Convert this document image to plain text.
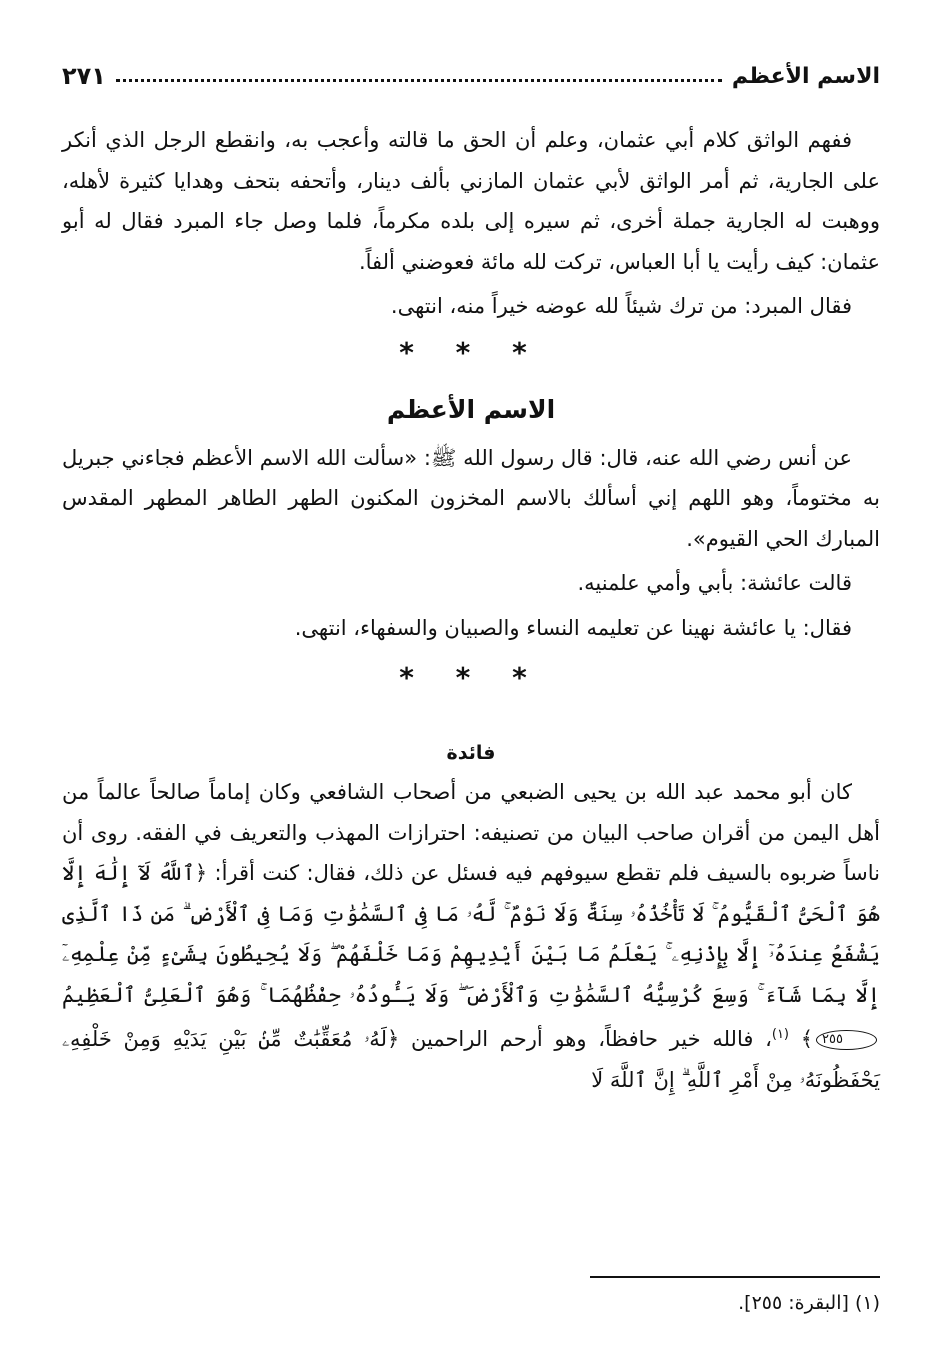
الاسم الأعظم
٢٧١

ففهم الواثق كلام أبي عثمان، وعلم أن الحق ما قالته وأعجب به، وانقطع الرجل الذي أنكر على الجارية، ثم أمر الواثق لأبي عثمان المازني بألف دينار، وأتحفه بتحف وهدايا كثيرة لأهله، ووهبت له الجارية جملة أخرى، ثم سيره إلى بلده مكرماً، فلما وصل جاء المبرد فقال له أبو عثمان: كيف رأيت يا أبا العباس، تركت لله مائة فعوضني ألفاً.

فقال المبرد: من ترك شيئاً لله عوضه خيراً منه، انتهى.

* * *
الاسم الأعظم

عن أنس رضي الله عنه، قال: قال رسول الله ﷺ: «سألت الله الاسم الأعظم فجاءني جبريل به مختوماً، وهو اللهم إني أسألك بالاسم المخزون المكنون الطهر الطاهر المطهر المقدس المبارك الحي القيوم».

قالت عائشة: بأبي وأمي علمنيه.

فقال: يا عائشة نهينا عن تعليمه النساء والصبيان والسفهاء، انتهى.

* * *
فائدة

كان أبو محمد عبد الله بن يحيى الضبعي من أصحاب الشافعي وكان إماماً صالحاً عالماً من أهل اليمن من أقران صاحب البيان من تصنيفه: احترازات المهذب والتعريف في الفقه. روى أن ناساً ضربوه بالسيف فلم تقطع سيوفهم فيه فسئل عن ذلك، فقال: كنت أقرأ: ﴿ٱللَّهُ لَآ إِلَٰهَ إِلَّا هُوَ ٱلْحَىُّ ٱلْقَيُّومُ ۚ لَا تَأْخُذُهُۥ سِنَةٌ وَلَا نَوْمٌ ۚ لَّهُۥ مَا فِى ٱلسَّمَٰوَٰتِ وَمَا فِى ٱلْأَرْضِ ۗ مَن ذَا ٱلَّذِى يَشْفَعُ عِندَهُۥٓ إِلَّا بِإِذْنِهِۦ ۚ يَعْلَمُ مَا بَيْنَ أَيْدِيهِمْ وَمَا خَلْفَهُمْ ۖ وَلَا يُحِيطُونَ بِشَىْءٍ مِّنْ عِلْمِهِۦٓ إِلَّا بِمَا شَآءَ ۚ وَسِعَ كُرْسِيُّهُ ٱلسَّمَٰوَٰتِ وَٱلْأَرْضَ ۖ وَلَا يَـُٔودُهُۥ حِفْظُهُمَا ۚ وَهُوَ ٱلْعَلِىُّ ٱلْعَظِيمُ٢٥٥﴾ $^{(١)}$، فالله خير حافظاً، وهو أرحم الراحمين ﴿لَهُۥ مُعَقِّبَٰتٌ مِّنۢ بَيْنِ يَدَيْهِ وَمِنْ خَلْفِهِۦ يَحْفَظُونَهُۥ مِنْ أَمْرِ ٱللَّهِ ۗ إِنَّ ٱللَّهَ لَا

(١) [البقرة: ٢٥٥].
